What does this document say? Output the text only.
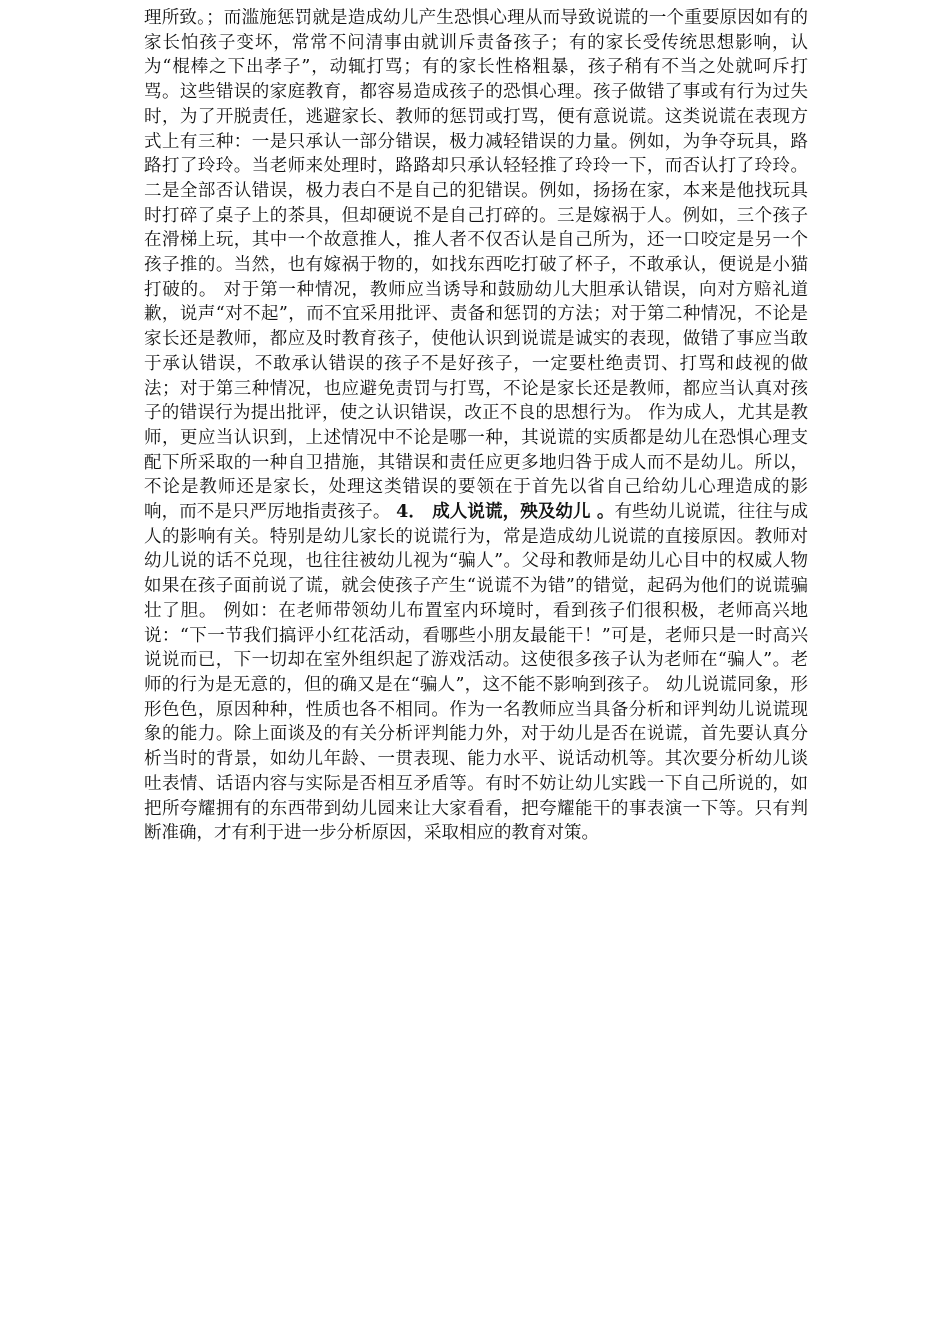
理所致。；而滥施惩罚就是造成幼儿产生恐惧心理从而导致说谎的一个重要原因如有的家长怕孩子变坏，常常不问清事由就训斥责备孩子；有的家长受传统思想影响，认为“棍棒之下出孝子”，动辄打骂；有的家长性格粗暴，孩子稍有不当之处就呵斥打骂。这些错误的家庭教育，都容易造成孩子的恐惧心理。孩子做错了事或有行为过失时，为了开脱责任，逃避家长、教师的惩罚或打骂，便有意说谎。这类说谎在表现方式上有三种：一是只承认一部分错误，极力减轻错误的力量。例如，为争夺玩具，路路打了玲玲。当老师来处理时，路路却只承认轻轻推了玲玲一下，而否认打了玲玲。二是全部否认错误，极力表白不是自己的犯错误。例如，扬扬在家，本来是他找玩具时打碎了桌子上的茶具，但却硬说不是自己打碎的。三是嫁祸于人。例如，三个孩子在滑梯上玩，其中一个故意推人，推人者不仅否认是自己所为，还一口咬定是另一个孩子推的。当然，也有嫁祸于物的，如找东西吃打破了杯子，不敢承认，便说是小猫打破的。 对于第一种情况，教师应当诱导和鼓励幼儿大胆承认错误，向对方赔礼道歉，说声“对不起”，而不宜采用批评、责备和惩罚的方法；对于第二种情况，不论是家长还是教师，都应及时教育孩子，使他认识到说谎是诚实的表现，做错了事应当敢于承认错误，不敢承认错误的孩子不是好孩子，一定要杜绝责罚、打骂和歧视的做法；对于第三种情况，也应避免责罚与打骂，不论是家长还是教师，都应当认真对孩子的错误行为提出批评，使之认识错误，改正不良的思想行为。 作为成人，尤其是教师，更应当认识到，上述情况中不论是哪一种，其说谎的实质都是幼儿在恐惧心理支配下所采取的一种自卫措施，其错误和责任应更多地归咎于成人而不是幼儿。所以，不论是教师还是家长，处理这类错误的要领在于首先以省自己给幼儿心理造成的影响，而不是只严厉地指责孩子。 4． 成人说谎，殃及幼儿 。有些幼儿说谎，往往与成人的影响有关。特别是幼儿家长的说谎行为，常是造成幼儿说谎的直接原因。教师对幼儿说的话不兑现，也往往被幼儿视为“骗人”。父母和教师是幼儿心目中的权威人物如果在孩子面前说了谎，就会使孩子产生“说谎不为错”的错觉，起码为他们的说谎骗壮了胆。 例如：在老师带领幼儿布置室内环境时，看到孩子们很积极，老师高兴地说：“下一节我们搞评小红花活动，看哪些小朋友最能干！”可是，老师只是一时高兴说说而已，下一切却在室外组织起了游戏活动。这使很多孩子认为老师在“骗人”。老师的行为是无意的，但的确又是在“骗人”，这不能不影响到孩子。 幼儿说谎同象，形形色色，原因种种，性质也各不相同。作为一名教师应当具备分析和评判幼儿说谎现象的能力。除上面谈及的有关分析评判能力外，对于幼儿是否在说谎，首先要认真分析当时的背景，如幼儿年龄、一贯表现、能力水平、说话动机等。其次要分析幼儿谈吐表情、话语内容与实际是否相互矛盾等。有时不妨让幼儿实践一下自己所说的，如把所夸耀拥有的东西带到幼儿园来让大家看看，把夸耀能干的事表演一下等。只有判断准确，才有利于进一步分析原因，采取相应的教育对策。
